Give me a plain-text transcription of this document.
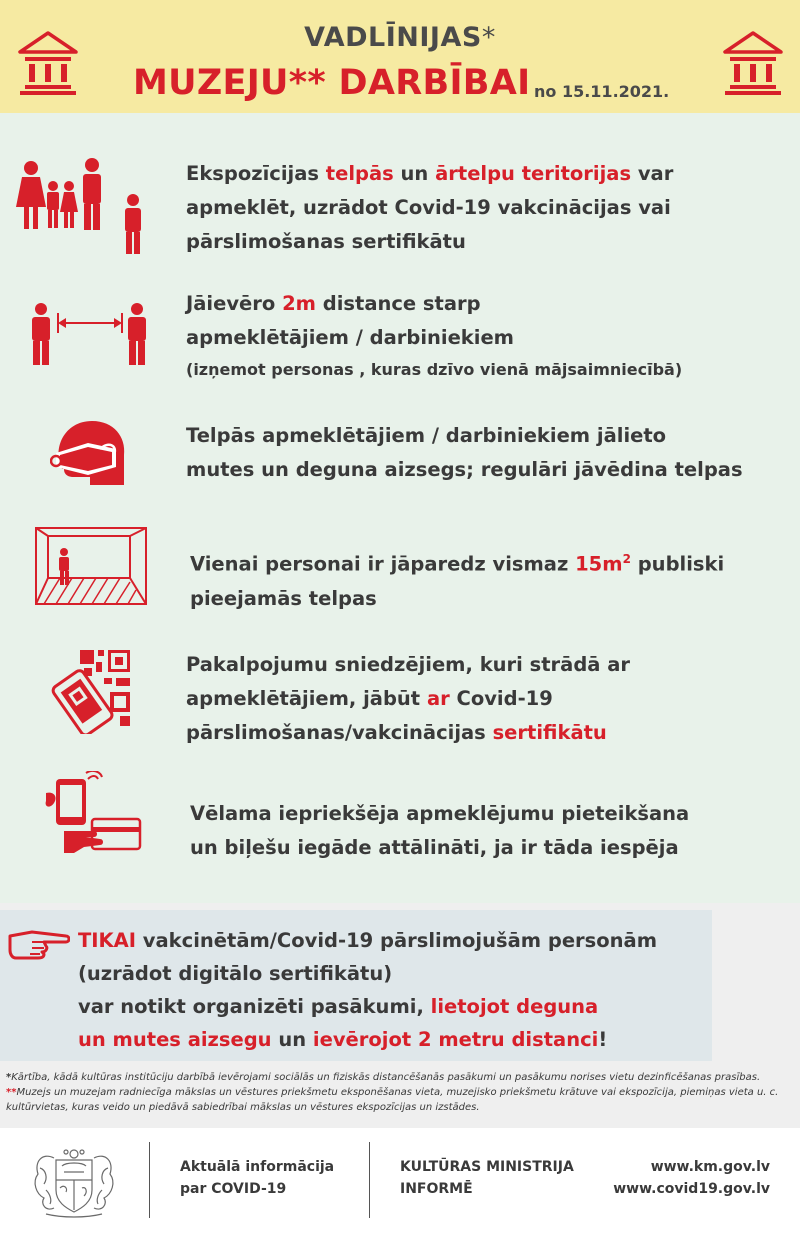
VADLĪNIJAS*
MUZEJU** DARBĪBAI no 15.11.2021.
Ekspozīcijas telpās un ārtelpu teritorijas var
apmeklēt, uzrādot Covid-19 vakcinācijas vai
pārslimošanas sertifikātu
Jāievēro 2m distance starp
apmeklētājiem / darbiniekiem
(izņemot personas , kuras dzīvo vienā mājsaimniecībā)
Telpās apmeklētājiem / darbiniekiem jālieto
mutes un deguna aizsegs; regulāri jāvēdina telpas
Vienai personai ir jāparedz vismaz $15m^2$ publiski
pieejamās telpas
Pakalpojumu sniedzējiem, kuri strādā ar
apmeklētājiem, jābūt ar Covid-19
pārslimošanas/vakcinācijas sertifikātu
Vēlama iepriekšēja apmeklējumu pieteikšana
un biļešu iegāde attālināti, ja ir tāda iespēja
TIKAI vakcinētām/Covid-19 pārslimojušām personām
(uzrādot digitālo sertifikātu)
var notikt organizēti pasākumi, lietojot deguna
un mutes aizsegu un ievērojot 2 metru distanci!
*Kārtība, kādā kultūras institūciju darbībā ievērojami sociālās un fiziskās distancēšanās pasākumi un pasākumu norises vietu dezinficēšanas prasības.
**Muzejs un muzejam radniecīga mākslas un vēstures priekšmetu eksponēšanas vieta, muzejisko priekšmetu krātuve vai ekspozīcija, piemiņas vieta u. c.
kultūrvietas, kuras veido un piedāvā sabiedrībai mākslas un vēstures ekspozīcijas un izstādes.
Aktuālā informācija
par COVID-19
KULTŪRAS MINISTRIJA
INFORMĒ
www.km.gov.lv
www.covid19.gov.lv
